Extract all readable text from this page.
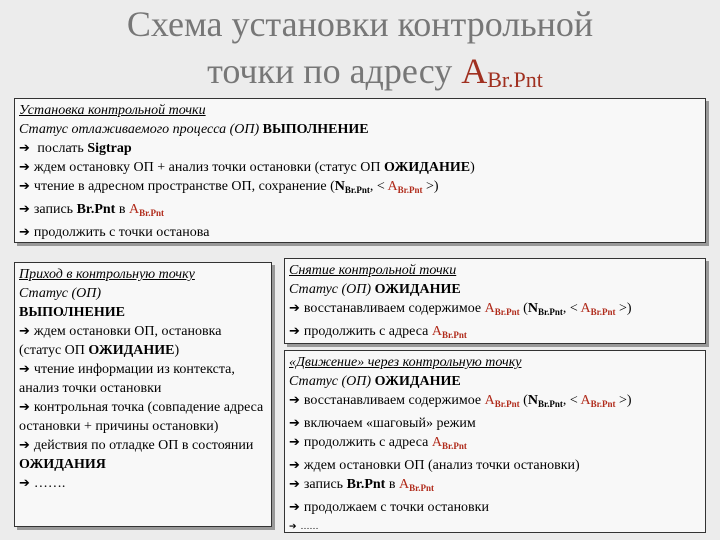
Схема установки контрольной
точки по адресу $A_{Br.Pnt}$
Установка контрольной точки
Статус отлаживаемого процесса (ОП) ВЫПОЛНЕНИЕ
➔ послать Sigtrap
➔ ждем остановку ОП + анализ точки остановки (статус ОП ОЖИДАНИЕ)
➔ чтение в адресном пространстве ОП, сохранение ($N_{Br.Pnt}$, < $A_{Br.Pnt}$ >)
➔ запись Br.Pnt в $A_{Br.Pnt}$
➔ продолжить с точки останова
Приход в контрольную точку
Статус (ОП)
ВЫПОЛНЕНИЕ
➔ ждем остановки ОП, остановка (статус ОП ОЖИДАНИЕ)
➔ чтение информации из контекста, анализ точки остановки
➔ контрольная точка (совпадение адреса остановки + причины остановки)
➔ действия по отладке ОП в состоянии ОЖИДАНИЯ
➔ …….
Снятие контрольной точки
Статус (ОП) ОЖИДАНИЕ
➔ восстанавливаем содержимое $A_{Br.Pnt}$ ($N_{Br.Pnt}$, < $A_{Br.Pnt}$ >)
➔ продолжить с адреса $A_{Br.Pnt}$
«Движение» через контрольную точку
Статус (ОП) ОЖИДАНИЕ
➔ восстанавливаем содержимое $A_{Br.Pnt}$ ($N_{Br.Pnt}$, < $A_{Br.Pnt}$ >)
➔ включаем «шаговый» режим
➔ продолжить с адреса $A_{Br.Pnt}$
➔ ждем остановки ОП (анализ точки остановки)
➔ запись Br.Pnt в $A_{Br.Pnt}$
➔ продолжаем с точки остановки
➔ ……
